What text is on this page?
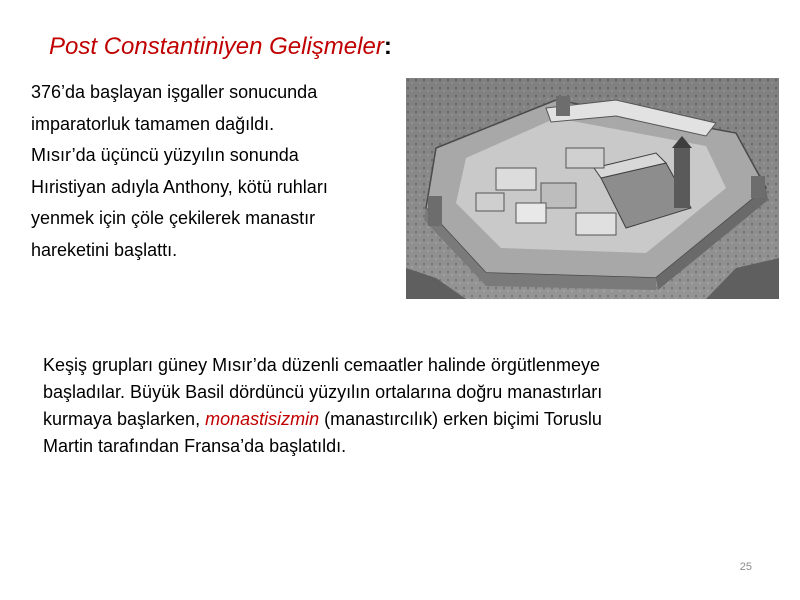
Post Constantiniyen Gelişmeler:
376’da başlayan işgaller sonucunda
imparatorluk tamamen dağıldı.
Mısır’da üçüncü yüzyılın sonunda
Hıristiyan adıyla Anthony, kötü ruhları
yenmek için çöle çekilerek manastır
hareketini başlattı.
Keşiş grupları güney Mısır’da düzenli cemaatler halinde örgütlenmeye
başladılar. Büyük Basil dördüncü yüzyılın ortalarına doğru manastırları
kurmaya başlarken, monastisizmin (manastırcılık) erken biçimi Toruslu
Martin tarafından Fransa’da başlatıldı.
25
